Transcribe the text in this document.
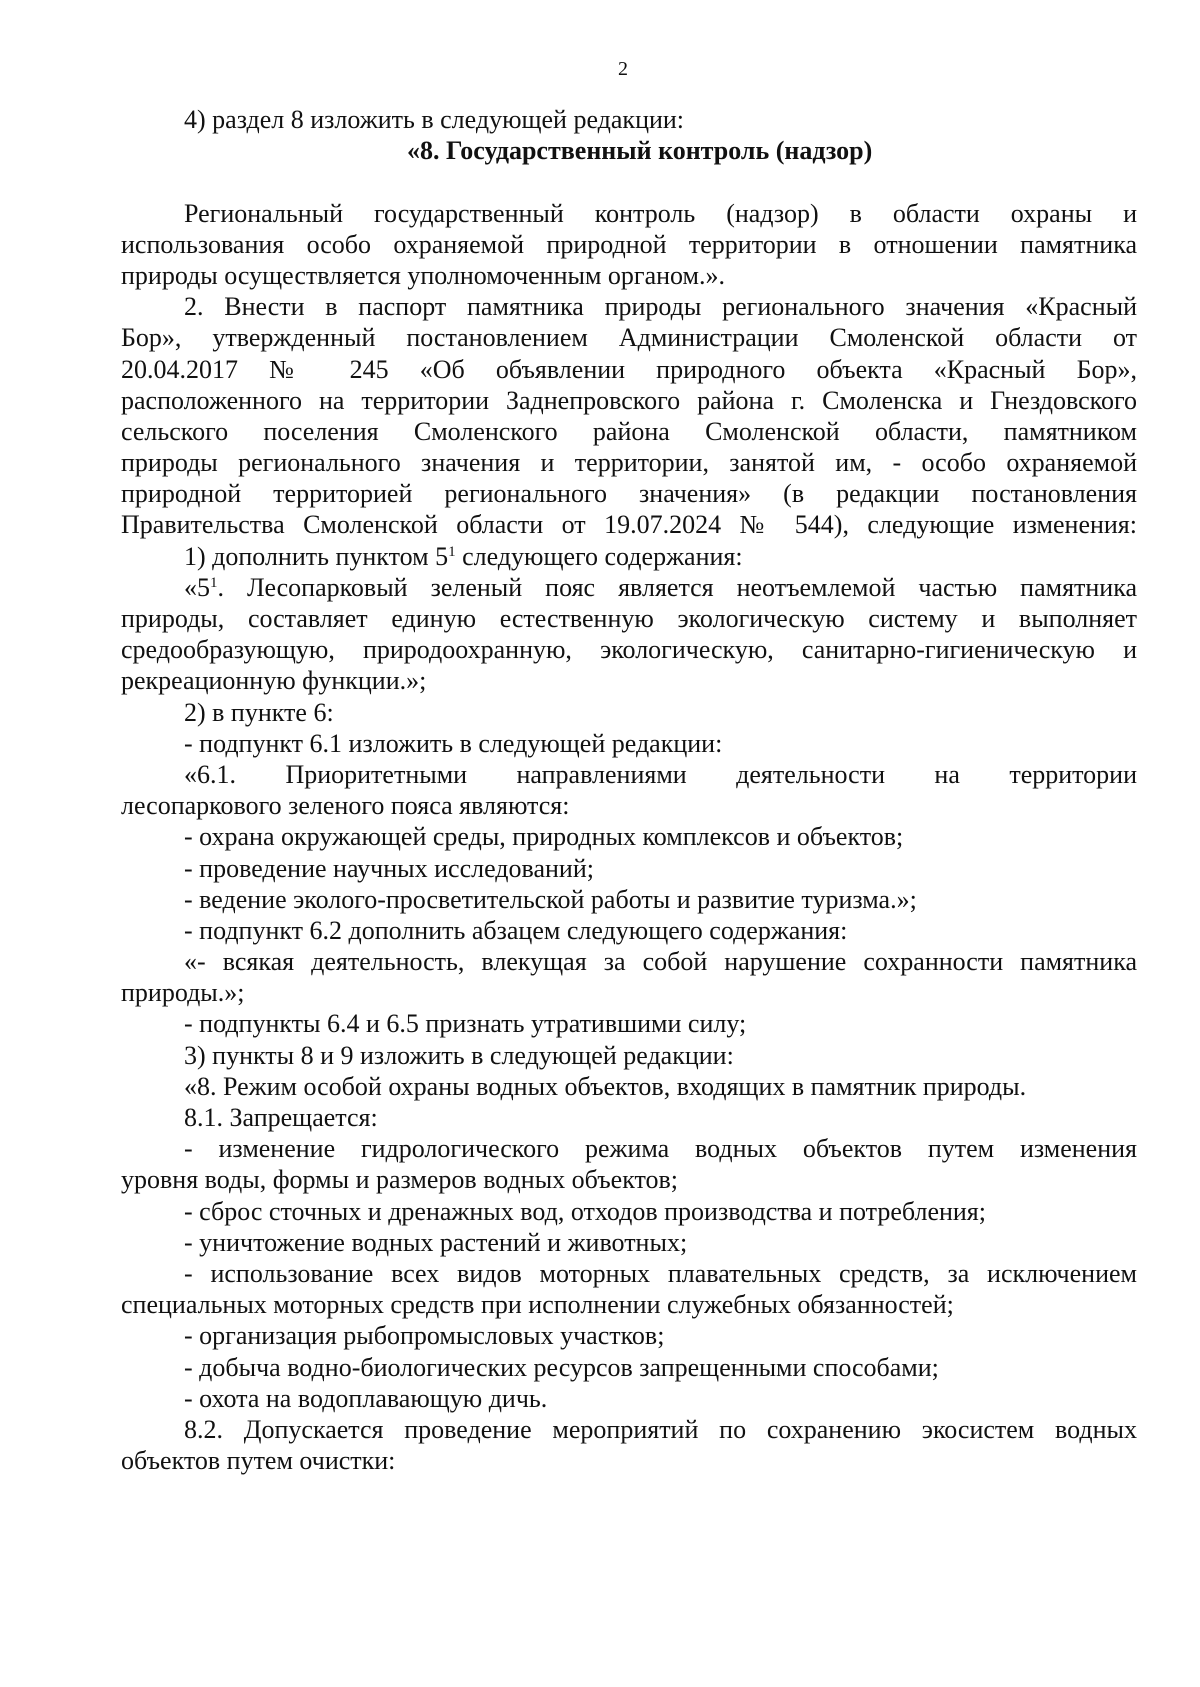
2
4) раздел 8 изложить в следующей редакции:
«8. Государственный контроль (надзор)
Региональный государственный контроль (надзор) в области охраны и
использования особо охраняемой природной территории в отношении памятника
природы осуществляется уполномоченным органом.».
2. Внести в паспорт памятника природы регионального значения «Красный
Бор», утвержденный постановлением Администрации Смоленской области от
20.04.2017 № 245 «Об объявлении природного объекта «Красный Бор»,
расположенного на территории Заднепровского района г. Смоленска и Гнездовского
сельского поселения Смоленского района Смоленской области, памятником
природы регионального значения и территории, занятой им, - особо охраняемой
природной территорией регионального значения» (в редакции постановления
Правительства Смоленской области от 19.07.2024 № 544), следующие изменения:
1) дополнить пунктом $5^1$ следующего содержания:
«$5^1$. Лесопарковый зеленый пояс является неотъемлемой частью памятника
природы, составляет единую естественную экологическую систему и выполняет
средообразующую, природоохранную, экологическую, санитарно-гигиеническую и
рекреационную функции.»;
2) в пункте 6:
- подпункт 6.1 изложить в следующей редакции:
«6.1. Приоритетными направлениями деятельности на территории
лесопаркового зеленого пояса являются:
- охрана окружающей среды, природных комплексов и объектов;
- проведение научных исследований;
- ведение эколого-просветительской работы и развитие туризма.»;
- подпункт 6.2 дополнить абзацем следующего содержания:
«- всякая деятельность, влекущая за собой нарушение сохранности памятника
природы.»;
- подпункты 6.4 и 6.5 признать утратившими силу;
3) пункты 8 и 9 изложить в следующей редакции:
«8. Режим особой охраны водных объектов, входящих в памятник природы.
8.1. Запрещается:
- изменение гидрологического режима водных объектов путем изменения
уровня воды, формы и размеров водных объектов;
- сброс сточных и дренажных вод, отходов производства и потребления;
- уничтожение водных растений и животных;
- использование всех видов моторных плавательных средств, за исключением
специальных моторных средств при исполнении служебных обязанностей;
- организация рыбопромысловых участков;
- добыча водно-биологических ресурсов запрещенными способами;
- охота на водоплавающую дичь.
8.2. Допускается проведение мероприятий по сохранению экосистем водных
объектов путем очистки:
